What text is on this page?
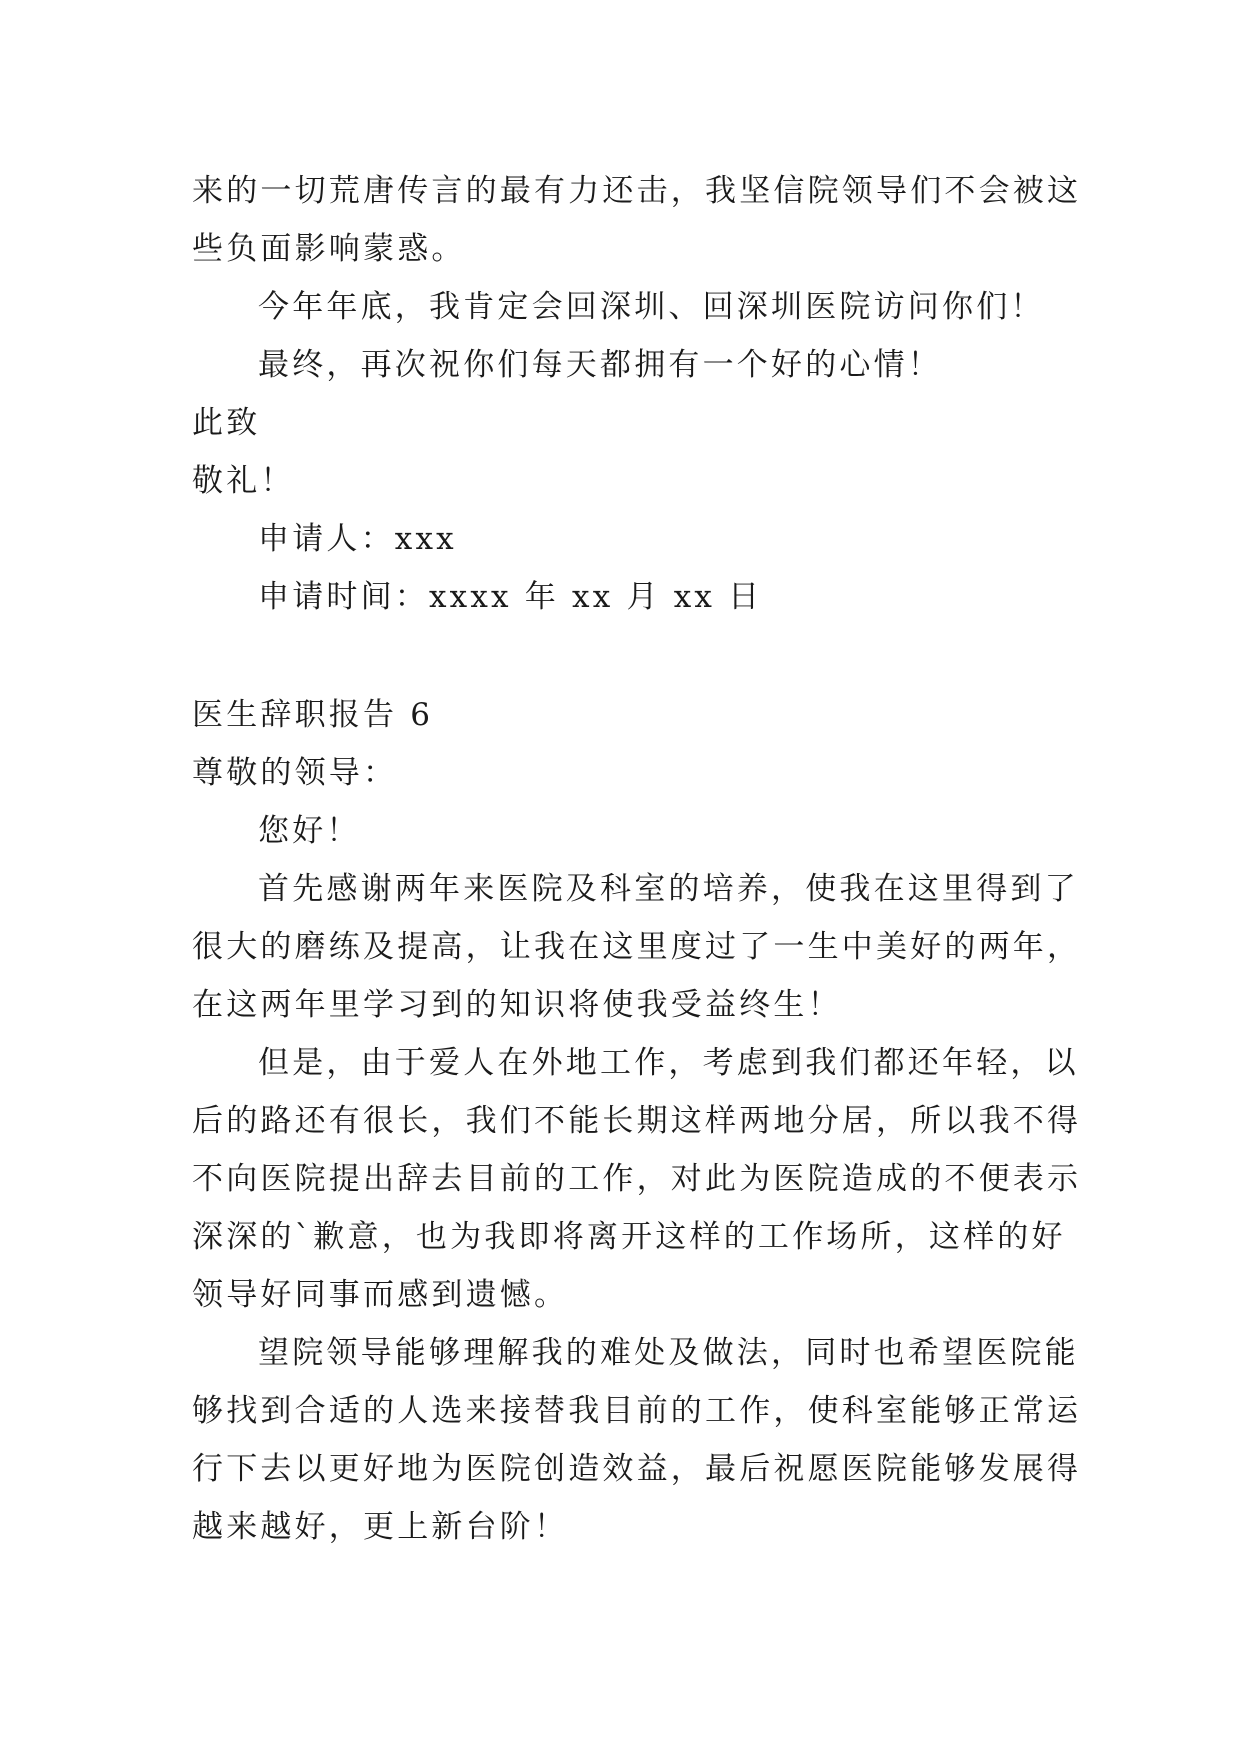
来的一切荒唐传言的最有力还击，我坚信院领导们不会被这
些负面影响蒙惑。
今年年底，我肯定会回深圳、回深圳医院访问你们！
最终，再次祝你们每天都拥有一个好的心情！
此致
敬礼！
申请人：xxx
申请时间：xxxx 年 xx 月 xx 日
医生辞职报告 6
尊敬的领导：
您好！
首先感谢两年来医院及科室的培养，使我在这里得到了
很大的磨练及提高，让我在这里度过了一生中美好的两年，
在这两年里学习到的知识将使我受益终生！
但是，由于爱人在外地工作，考虑到我们都还年轻，以
后的路还有很长，我们不能长期这样两地分居，所以我不得
不向医院提出辞去目前的工作，对此为医院造成的不便表示
深深的`歉意，也为我即将离开这样的工作场所，这样的好
领导好同事而感到遗憾。
望院领导能够理解我的难处及做法，同时也希望医院能
够找到合适的人选来接替我目前的工作，使科室能够正常运
行下去以更好地为医院创造效益，最后祝愿医院能够发展得
越来越好，更上新台阶！
